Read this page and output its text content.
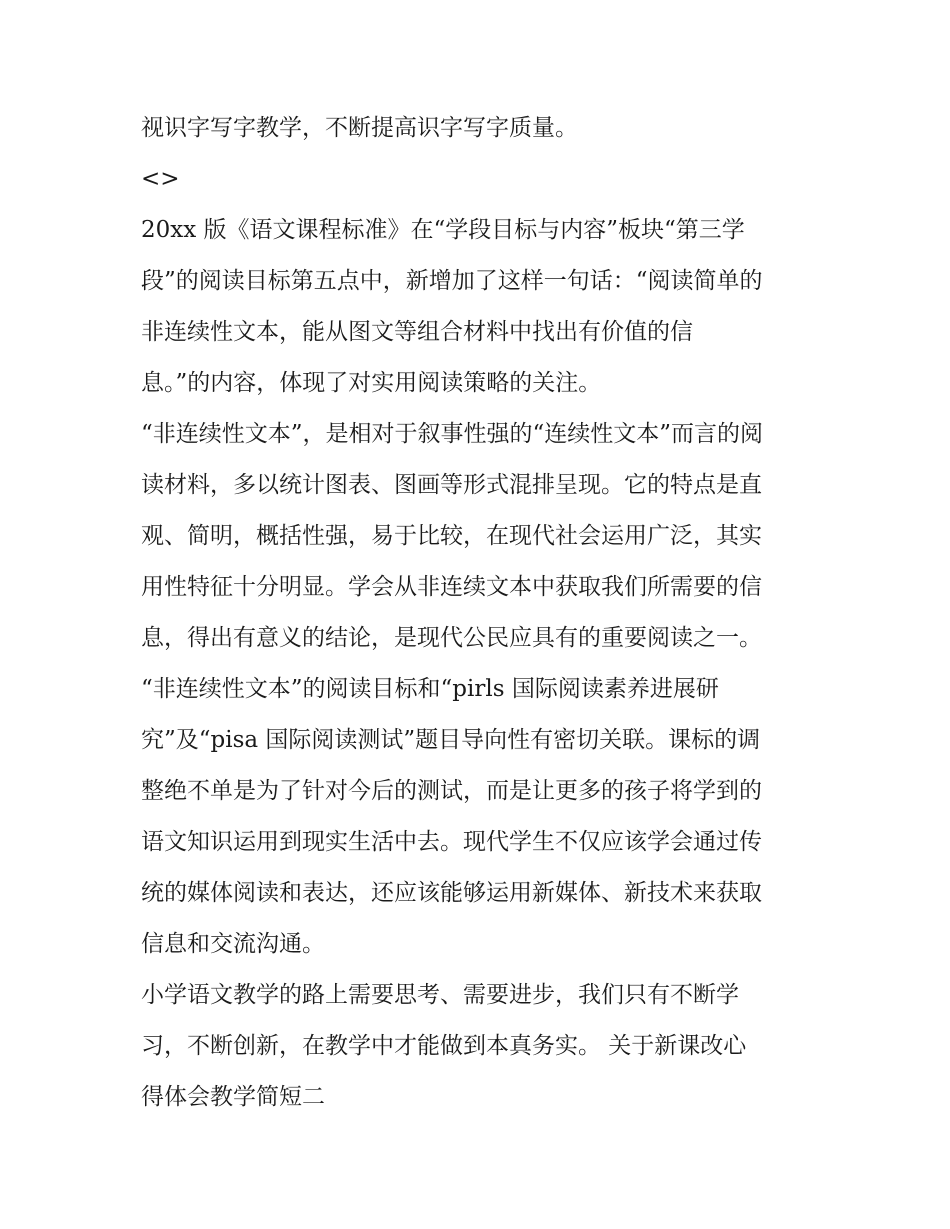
视识字写字教学，不断提高识字写字质量。
<>
20xx 版《语文课程标准》在“学段目标与内容”板块“第三学
段”的阅读目标第五点中，新增加了这样一句话：“阅读简单的
非连续性文本，能从图文等组合材料中找出有价值的信
息。”的内容，体现了对实用阅读策略的关注。
“非连续性文本”，是相对于叙事性强的“连续性文本”而言的阅
读材料，多以统计图表、图画等形式混排呈现。它的特点是直
观、简明，概括性强，易于比较，在现代社会运用广泛，其实
用性特征十分明显。学会从非连续文本中获取我们所需要的信
息，得出有意义的结论，是现代公民应具有的重要阅读之一。
“非连续性文本”的阅读目标和“pirls 国际阅读素养进展研
究”及“pisa 国际阅读测试”题目导向性有密切关联。课标的调
整绝不单是为了针对今后的测试，而是让更多的孩子将学到的
语文知识运用到现实生活中去。现代学生不仅应该学会通过传
统的媒体阅读和表达，还应该能够运用新媒体、新技术来获取
信息和交流沟通。
小学语文教学的路上需要思考、需要进步，我们只有不断学
习，不断创新，在教学中才能做到本真务实。 关于新课改心
得体会教学简短二
